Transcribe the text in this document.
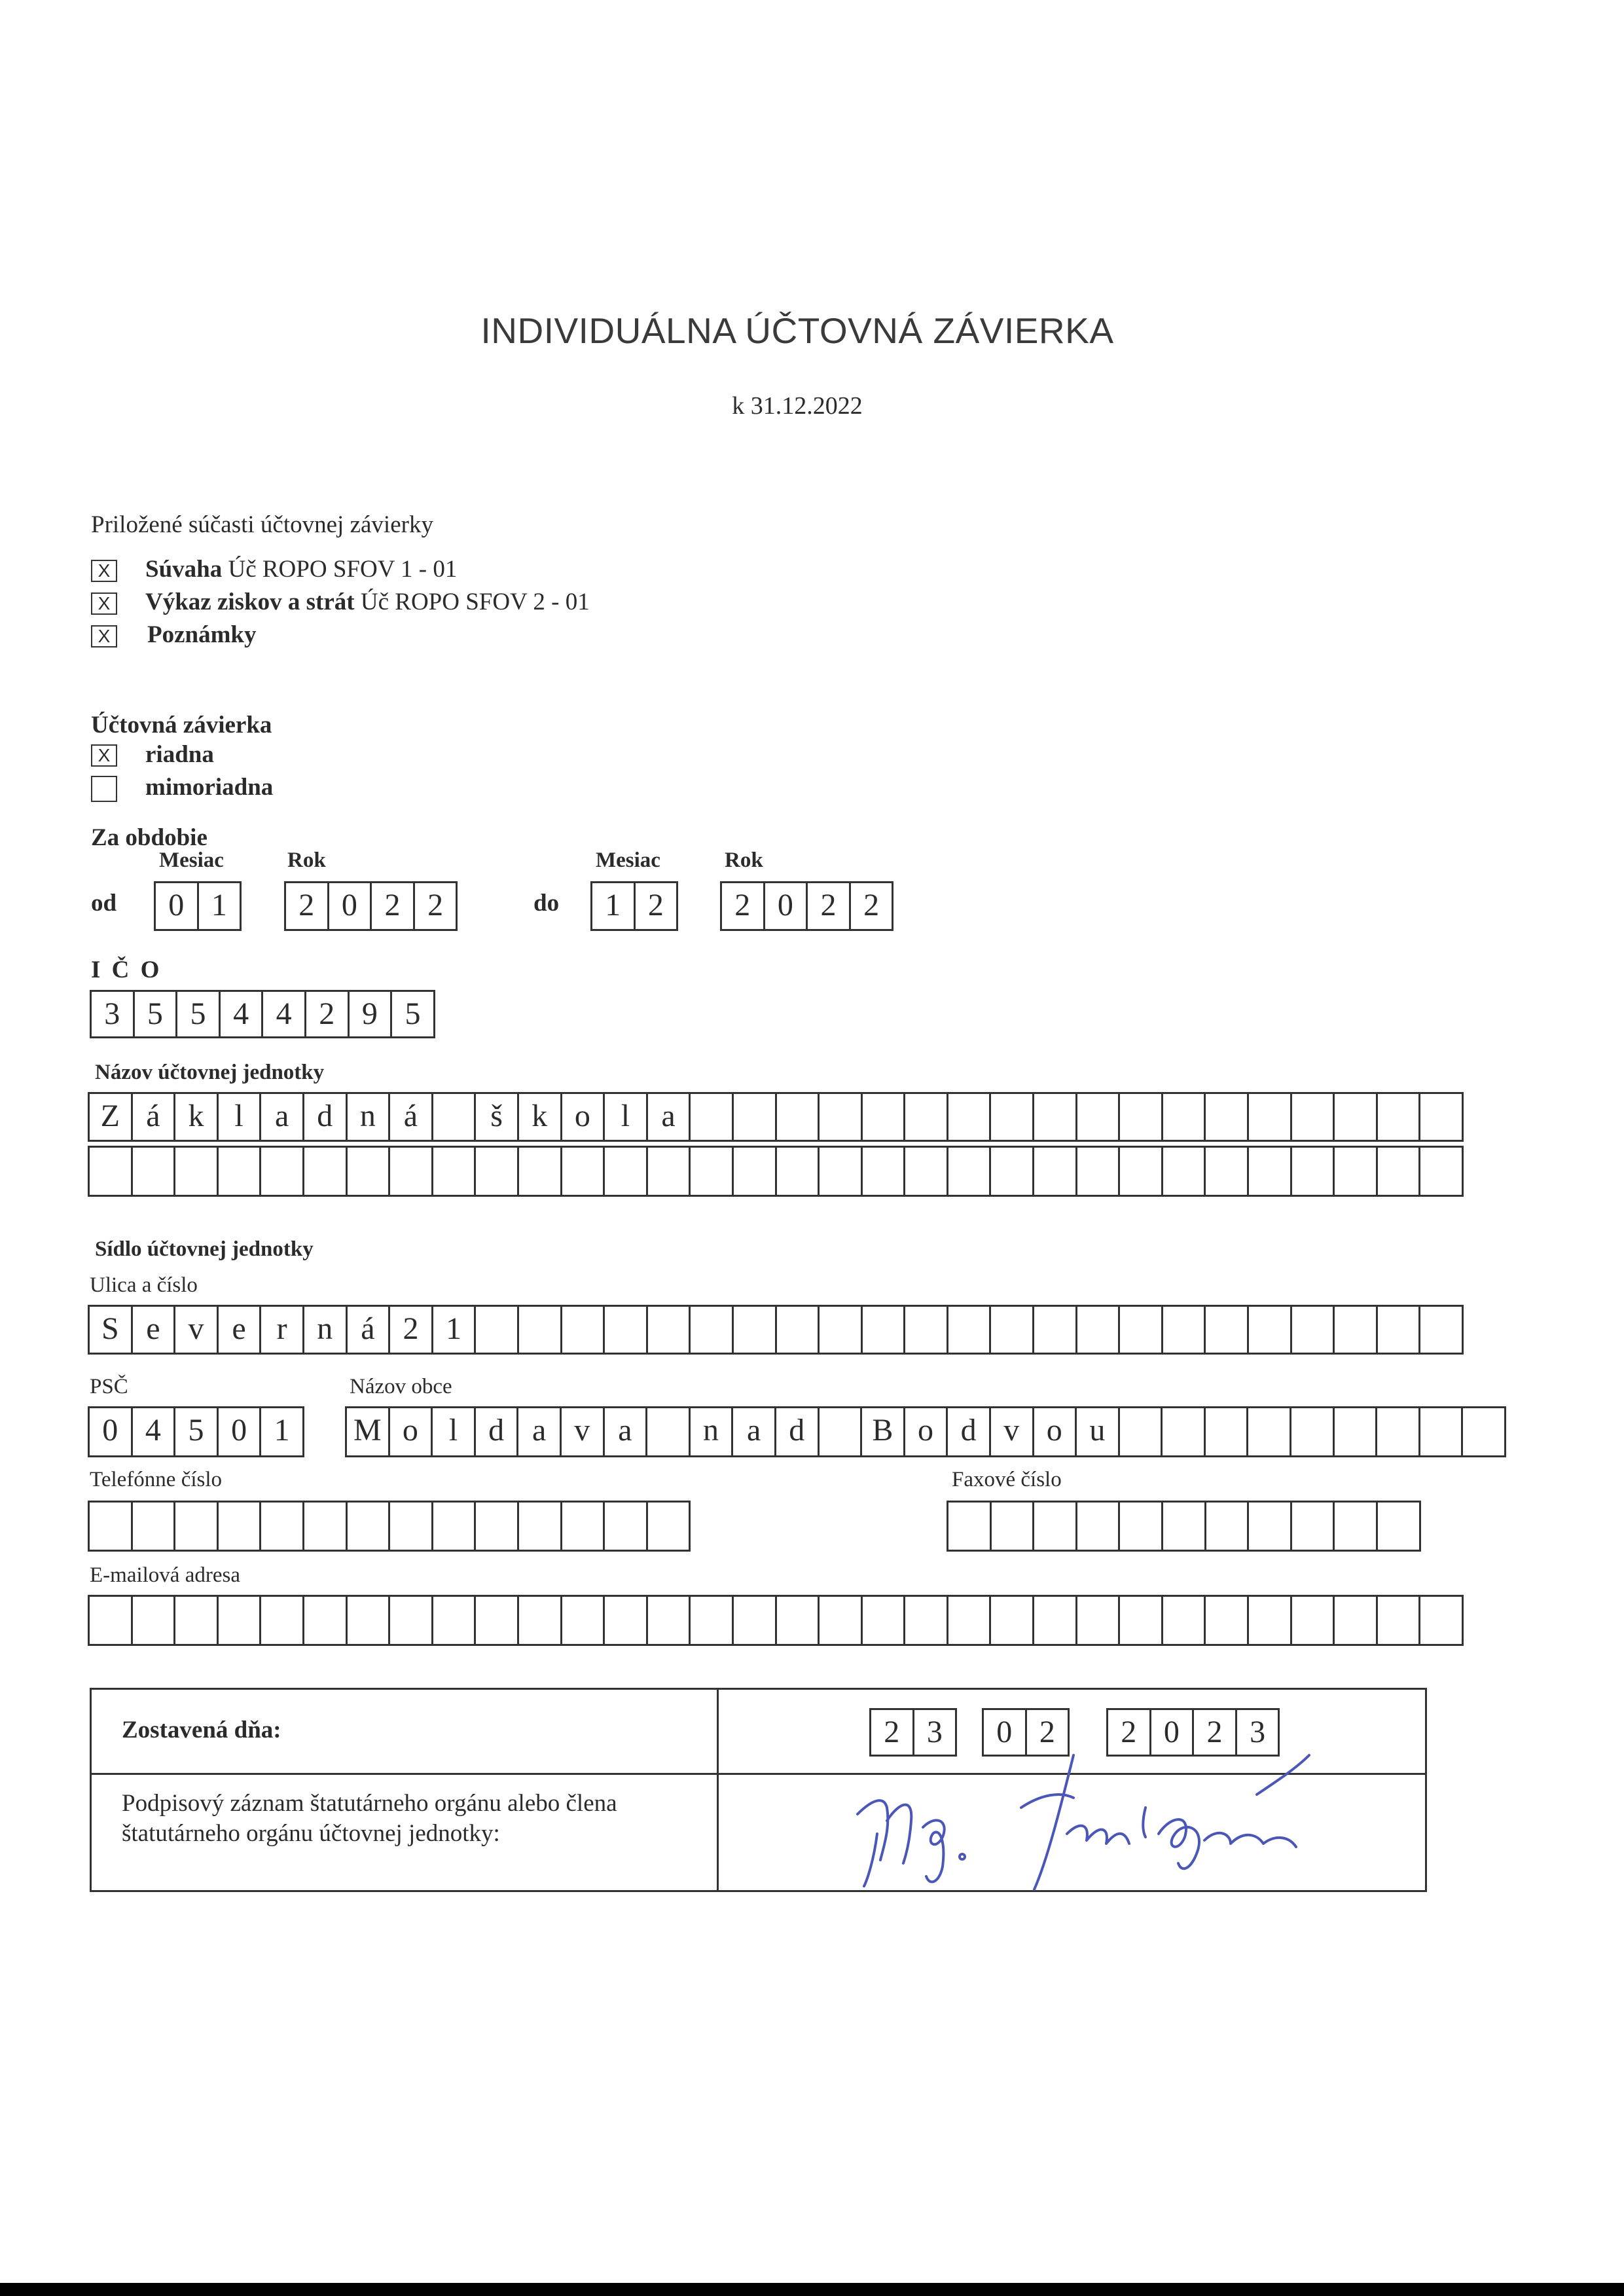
INDIVIDUÁLNA ÚČTOVNÁ ZÁVIERKA
k 31.12.2022
Priložené súčasti účtovnej závierky
X Súvaha Úč ROPO SFOV 1 - 01
X Výkaz ziskov a strát Úč ROPO SFOV 2 - 01
X Poznámky
Účtovná závierka
X riadna
mimoriadna
Za obdobie
Mesiac	Rok	Mesiac	Rok
od	0 1	2 0 2 2	do	1 2	2 0 2 2
I Č O
3 5 5 4 4 2 9 5
Názov účtovnej jednotky
Z á k l	a d n á	š k o l	a
Sídlo účtovnej jednotky
Ulica a číslo
S e v e r n á 2 1
PSČ	Názov obce
0 4 5 0 1	M o l d a v a	n a d	B o d v o u
Telefónne číslo	Faxové číslo
E-mailová adresa
Zostavená dňa:
Podpisový záznam štatutárneho orgánu alebo člena
štatutárneho orgánu účtovnej jednotky:
2 3	0 2	2 0 2 3
